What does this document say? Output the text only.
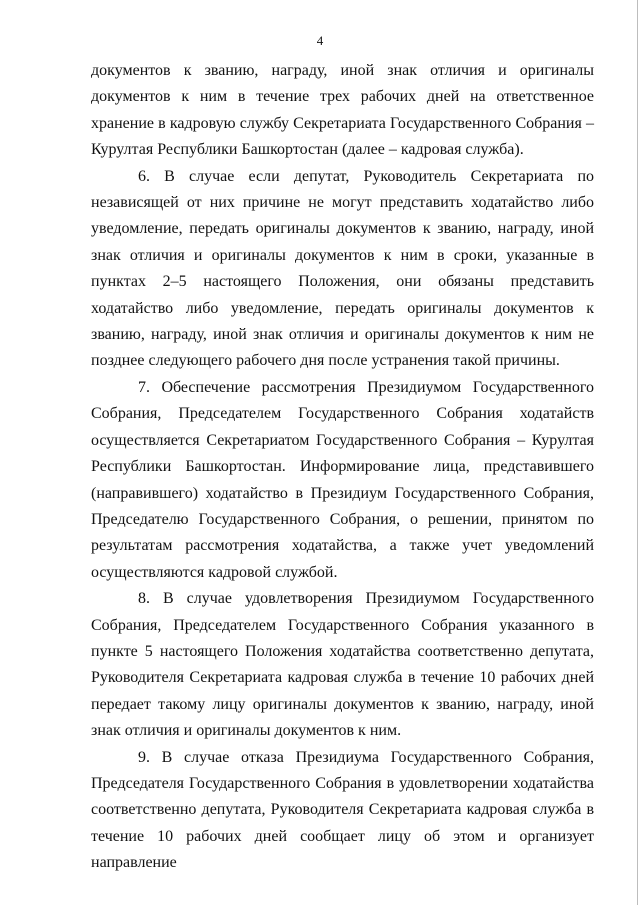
4

документов к званию, награду, иной знак отличия и оригиналы документов к ним в течение трех рабочих дней на ответственное хранение в кадровую службу Секретариата Государственного Собрания – Курултая Республики Башкортостан (далее – кадровая служба).

6. В случае если депутат, Руководитель Секретариата по независящей от них причине не могут представить ходатайство либо уведомление, передать оригиналы документов к званию, награду, иной знак отличия и оригиналы документов к ним в сроки, указанные в пунктах 2–5 настоящего Положения, они обязаны представить ходатайство либо уведомление, передать оригиналы документов к званию, награду, иной знак отличия и оригиналы документов к ним не позднее следующего рабочего дня после устранения такой причины.

7. Обеспечение рассмотрения Президиумом Государственного Собрания, Председателем Государственного Собрания ходатайств осуществляется Секретариатом Государственного Собрания – Курултая Республики Башкортостан. Информирование лица, представившего (направившего) ходатайство в Президиум Государственного Собрания, Председателю Государственного Собрания, о решении, принятом по результатам рассмотрения ходатайства, а также учет уведомлений осуществляются кадровой службой.

8. В случае удовлетворения Президиумом Государственного Собрания, Председателем Государственного Собрания указанного в пункте 5 настоящего Положения ходатайства соответственно депутата, Руководителя Секретариата кадровая служба в течение 10 рабочих дней передает такому лицу оригиналы документов к званию, награду, иной знак отличия и оригиналы документов к ним.

9. В случае отказа Президиума Государственного Собрания, Председателя Государственного Собрания в удовлетворении ходатайства соответственно депутата, Руководителя Секретариата кадровая служба в течение 10 рабочих дней сообщает лицу об этом и организует направление
